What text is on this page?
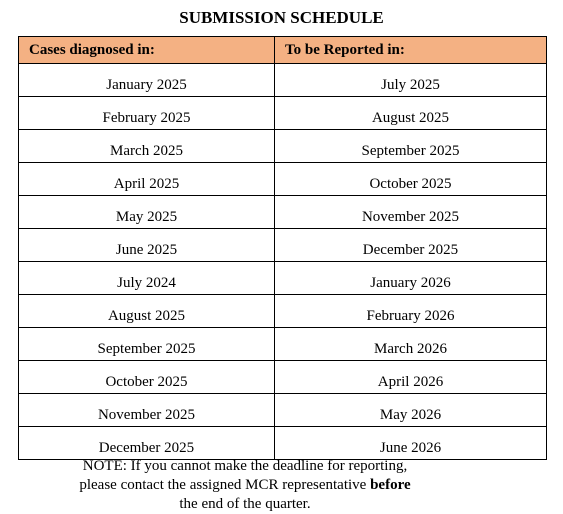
SUBMISSION SCHEDULE
Cases diagnosed in:	To be Reported in:
January 2025	July 2025
February 2025	August 2025
March 2025	September 2025
April 2025	October 2025
May 2025	November 2025
June 2025	December 2025
July 2024	January 2026
August 2025	February 2026
September 2025	March 2026
October 2025	April 2026
November 2025	May 2026
December 2025	June 2026
NOTE: If you cannot make the deadline for reporting,
please contact the assigned MCR representative before
the end of the quarter.
